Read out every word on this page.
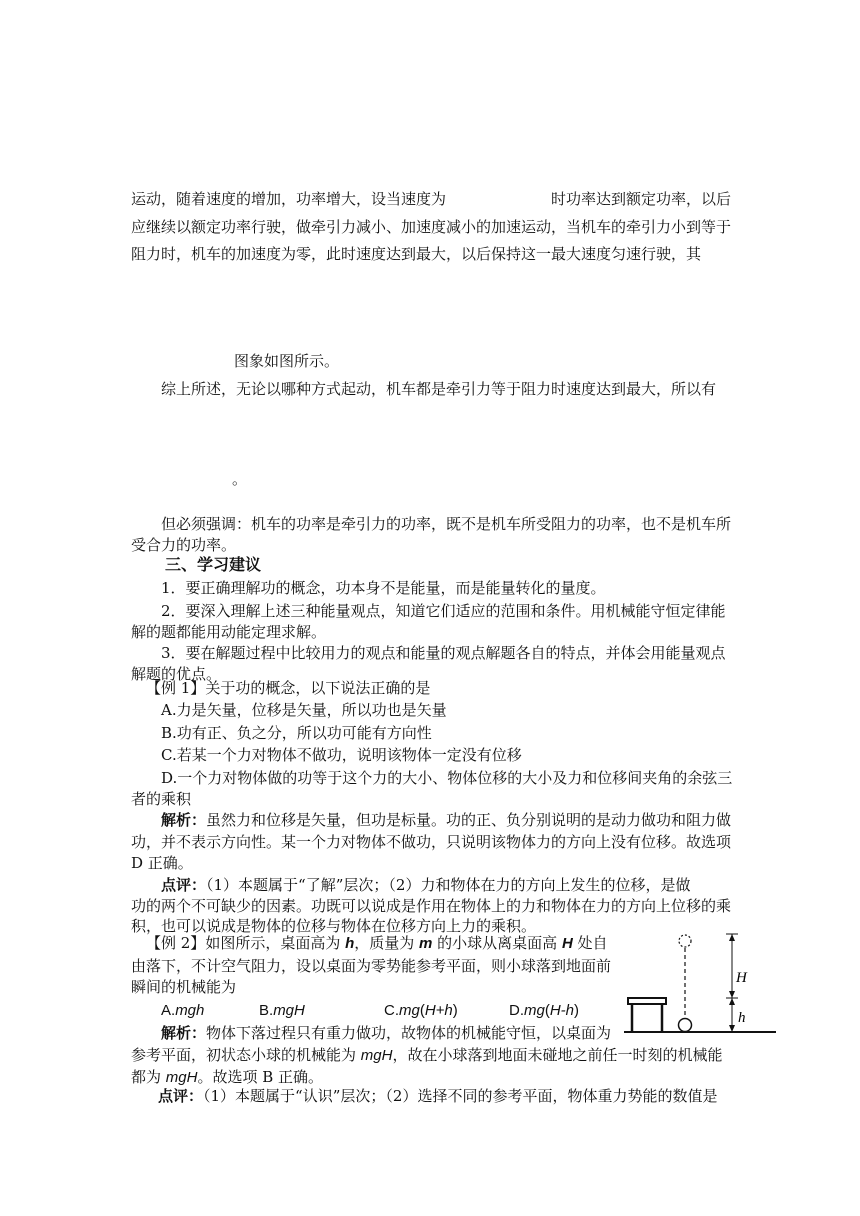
运动，随着速度的增加，功率增大，设当速度为	时功率达到额定功率，以后
应继续以额定功率行驶，做牵引力减小、加速度减小的加速运动，当机车的牵引力小到等于
阻力时，机车的加速度为零，此时速度达到最大，以后保持这一最大速度匀速行驶，其
图象如图所示。
综上所述，无论以哪种方式起动，机车都是牵引力等于阻力时速度达到最大，所以有
。
但必须强调：机车的功率是牵引力的功率，既不是机车所受阻力的功率，也不是机车所
受合力的功率。
三、学习建议
1．要正确理解功的概念，功本身不是能量，而是能量转化的量度。
2．要深入理解上述三种能量观点，知道它们适应的范围和条件。用机械能守恒定律能
解的题都能用动能定理求解。
3．要在解题过程中比较用力的观点和能量的观点解题各自的特点，并体会用能量观点
解题的优点。
【例 1】关于功的概念，以下说法正确的是
A.力是矢量，位移是矢量，所以功也是矢量
B.功有正、负之分，所以功可能有方向性
C.若某一个力对物体不做功，说明该物体一定没有位移
D.一个力对物体做的功等于这个力的大小、物体位移的大小及力和位移间夹角的余弦三
者的乘积
解析：虽然力和位移是矢量，但功是标量。功的正、负分别说明的是动力做功和阻力做
功，并不表示方向性。某一个力对物体不做功，只说明该物体力的方向上没有位移。故选项
D 正确。
点评：（1）本题属于“了解”层次；（2）力和物体在力的方向上发生的位移，是做
功的两个不可缺少的因素。功既可以说成是作用在物体上的力和物体在力的方向上位移的乘
积，也可以说成是物体的位移与物体在位移方向上力的乘积。
【例 2】如图所示，桌面高为 h，质量为 m 的小球从离桌面高 H 处自
由落下，不计空气阻力，设以桌面为零势能参考平面，则小球落到地面前
瞬间的机械能为
A.mgh	B.mgH	C.mg(H+h)	D.mg(H-h)
解析：物体下落过程只有重力做功，故物体的机械能守恒，以桌面为
参考平面，初状态小球的机械能为 mgH，故在小球落到地面未碰地之前任一时刻的机械能
都为 mgH。故选项 B 正确。
点评：（1）本题属于“认识”层次；（2）选择不同的参考平面，物体重力势能的数值是
H
h
